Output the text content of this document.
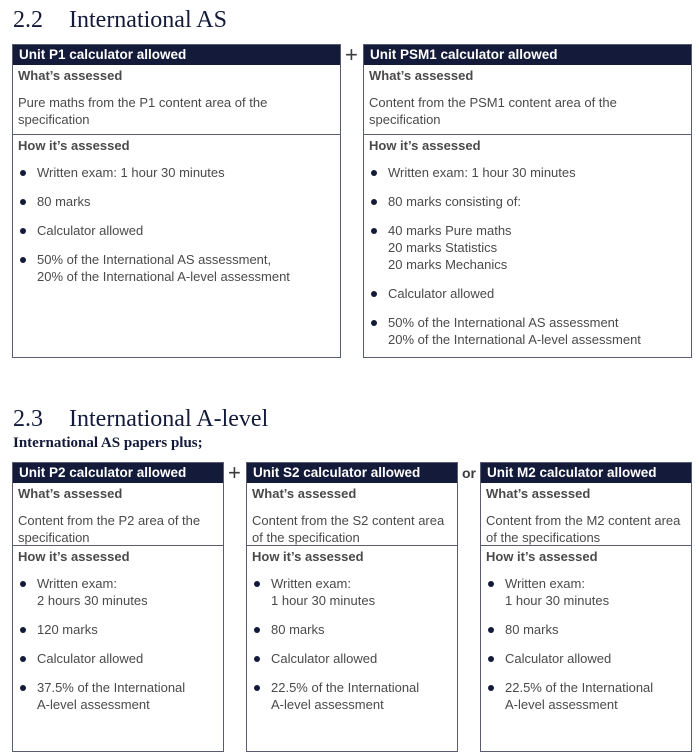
2.2 International AS
Unit P1 calculator allowed
What’s assessed
Pure maths from the P1 content area of the specification
How it’s assessed
Written exam: 1 hour 30 minutes
80 marks
Calculator allowed
50% of the International AS assessment,
20% of the International A-level assessment
+ Unit PSM1 calculator allowed
What’s assessed
Content from the PSM1 content area of the specification
How it’s assessed
Written exam: 1 hour 30 minutes
80 marks consisting of:
40 marks Pure maths
20 marks Statistics
20 marks Mechanics
Calculator allowed
50% of the International AS assessment
20% of the International A-level assessment
2.3 International A-level

International AS papers plus;

Unit P2 calculator allowed
What’s assessed
Content from the P2 area of the specification
How it’s assessed
Written exam:
2 hours 30 minutes
120 marks
Calculator allowed
37.5% of the International
A-level assessment
+ Unit S2 calculator allowed
What’s assessed
Content from the S2 content area of the specification
How it’s assessed
Written exam:
1 hour 30 minutes
80 marks
Calculator allowed
22.5% of the International
A-level assessment
or Unit M2 calculator allowed
What’s assessed
Content from the M2 content area of the specifications
How it’s assessed
Written exam:
1 hour 30 minutes
80 marks
Calculator allowed
22.5% of the International
A-level assessment
